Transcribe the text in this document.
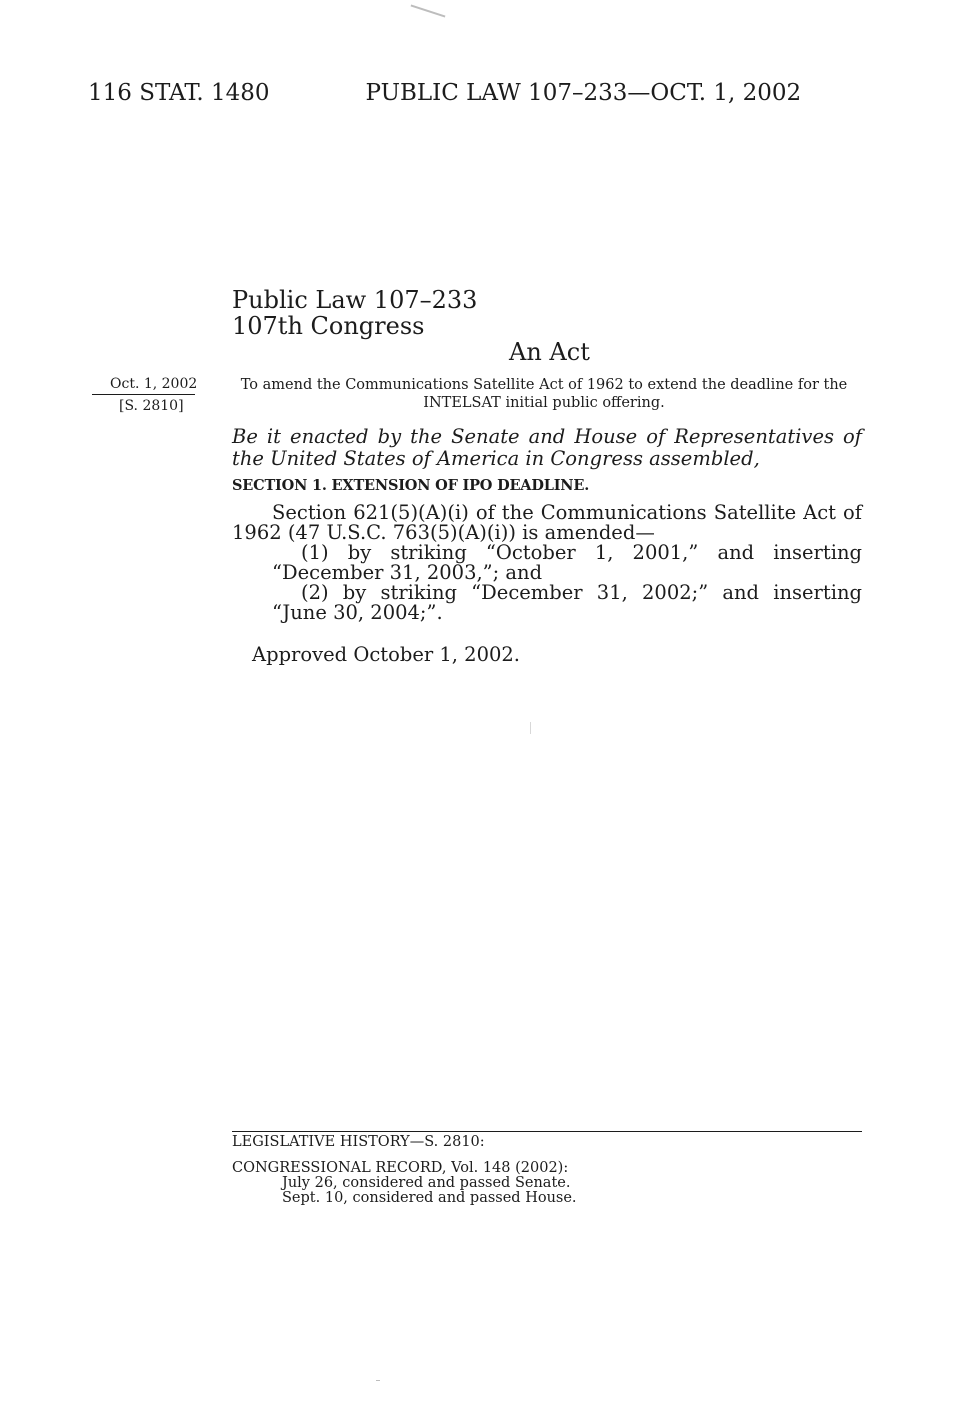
116 STAT. 1480	PUBLIC LAW 107–233—OCT. 1, 2002
Public Law 107–233
107th Congress
An Act
Oct. 1, 2002
[S. 2810]
To amend the Communications Satellite Act of 1962 to extend the deadline for the INTELSAT initial public offering.
Be it enacted by the Senate and House of Representatives of the United States of America in Congress assembled,
SECTION 1. EXTENSION OF IPO DEADLINE.
Section 621(5)(A)(i) of the Communications Satellite Act of 1962 (47 U.S.C. 763(5)(A)(i)) is amended—
(1) by striking “October 1, 2001,” and inserting “December 31, 2003,”; and
(2) by striking “December 31, 2002;” and inserting “June 30, 2004;”.
Approved October 1, 2002.
LEGISLATIVE HISTORY—S. 2810:
CONGRESSIONAL RECORD, Vol. 148 (2002):
July 26, considered and passed Senate.
Sept. 10, considered and passed House.
